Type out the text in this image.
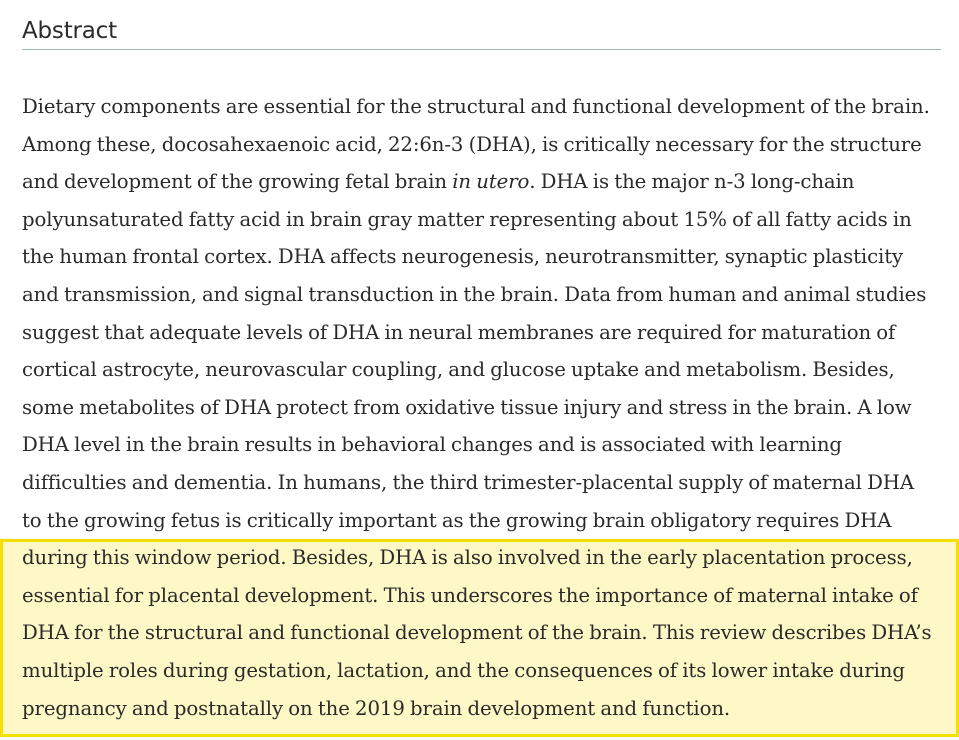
Abstract
Dietary components are essential for the structural and functional development of the brain.
Among these, docosahexaenoic acid, 22:6n-3 (DHA), is critically necessary for the structure
and development of the growing fetal brain in utero. DHA is the major n-3 long-chain
polyunsaturated fatty acid in brain gray matter representing about 15% of all fatty acids in
the human frontal cortex. DHA affects neurogenesis, neurotransmitter, synaptic plasticity
and transmission, and signal transduction in the brain. Data from human and animal studies
suggest that adequate levels of DHA in neural membranes are required for maturation of
cortical astrocyte, neurovascular coupling, and glucose uptake and metabolism. Besides,
some metabolites of DHA protect from oxidative tissue injury and stress in the brain. A low
DHA level in the brain results in behavioral changes and is associated with learning
difficulties and dementia. In humans, the third trimester-placental supply of maternal DHA
to the growing fetus is critically important as the growing brain obligatory requires DHA
during this window period. Besides, DHA is also involved in the early placentation process,
essential for placental development. This underscores the importance of maternal intake of
DHA for the structural and functional development of the brain. This review describes DHA’s
multiple roles during gestation, lactation, and the consequences of its lower intake during
pregnancy and postnatally on the 2019 brain development and function.
